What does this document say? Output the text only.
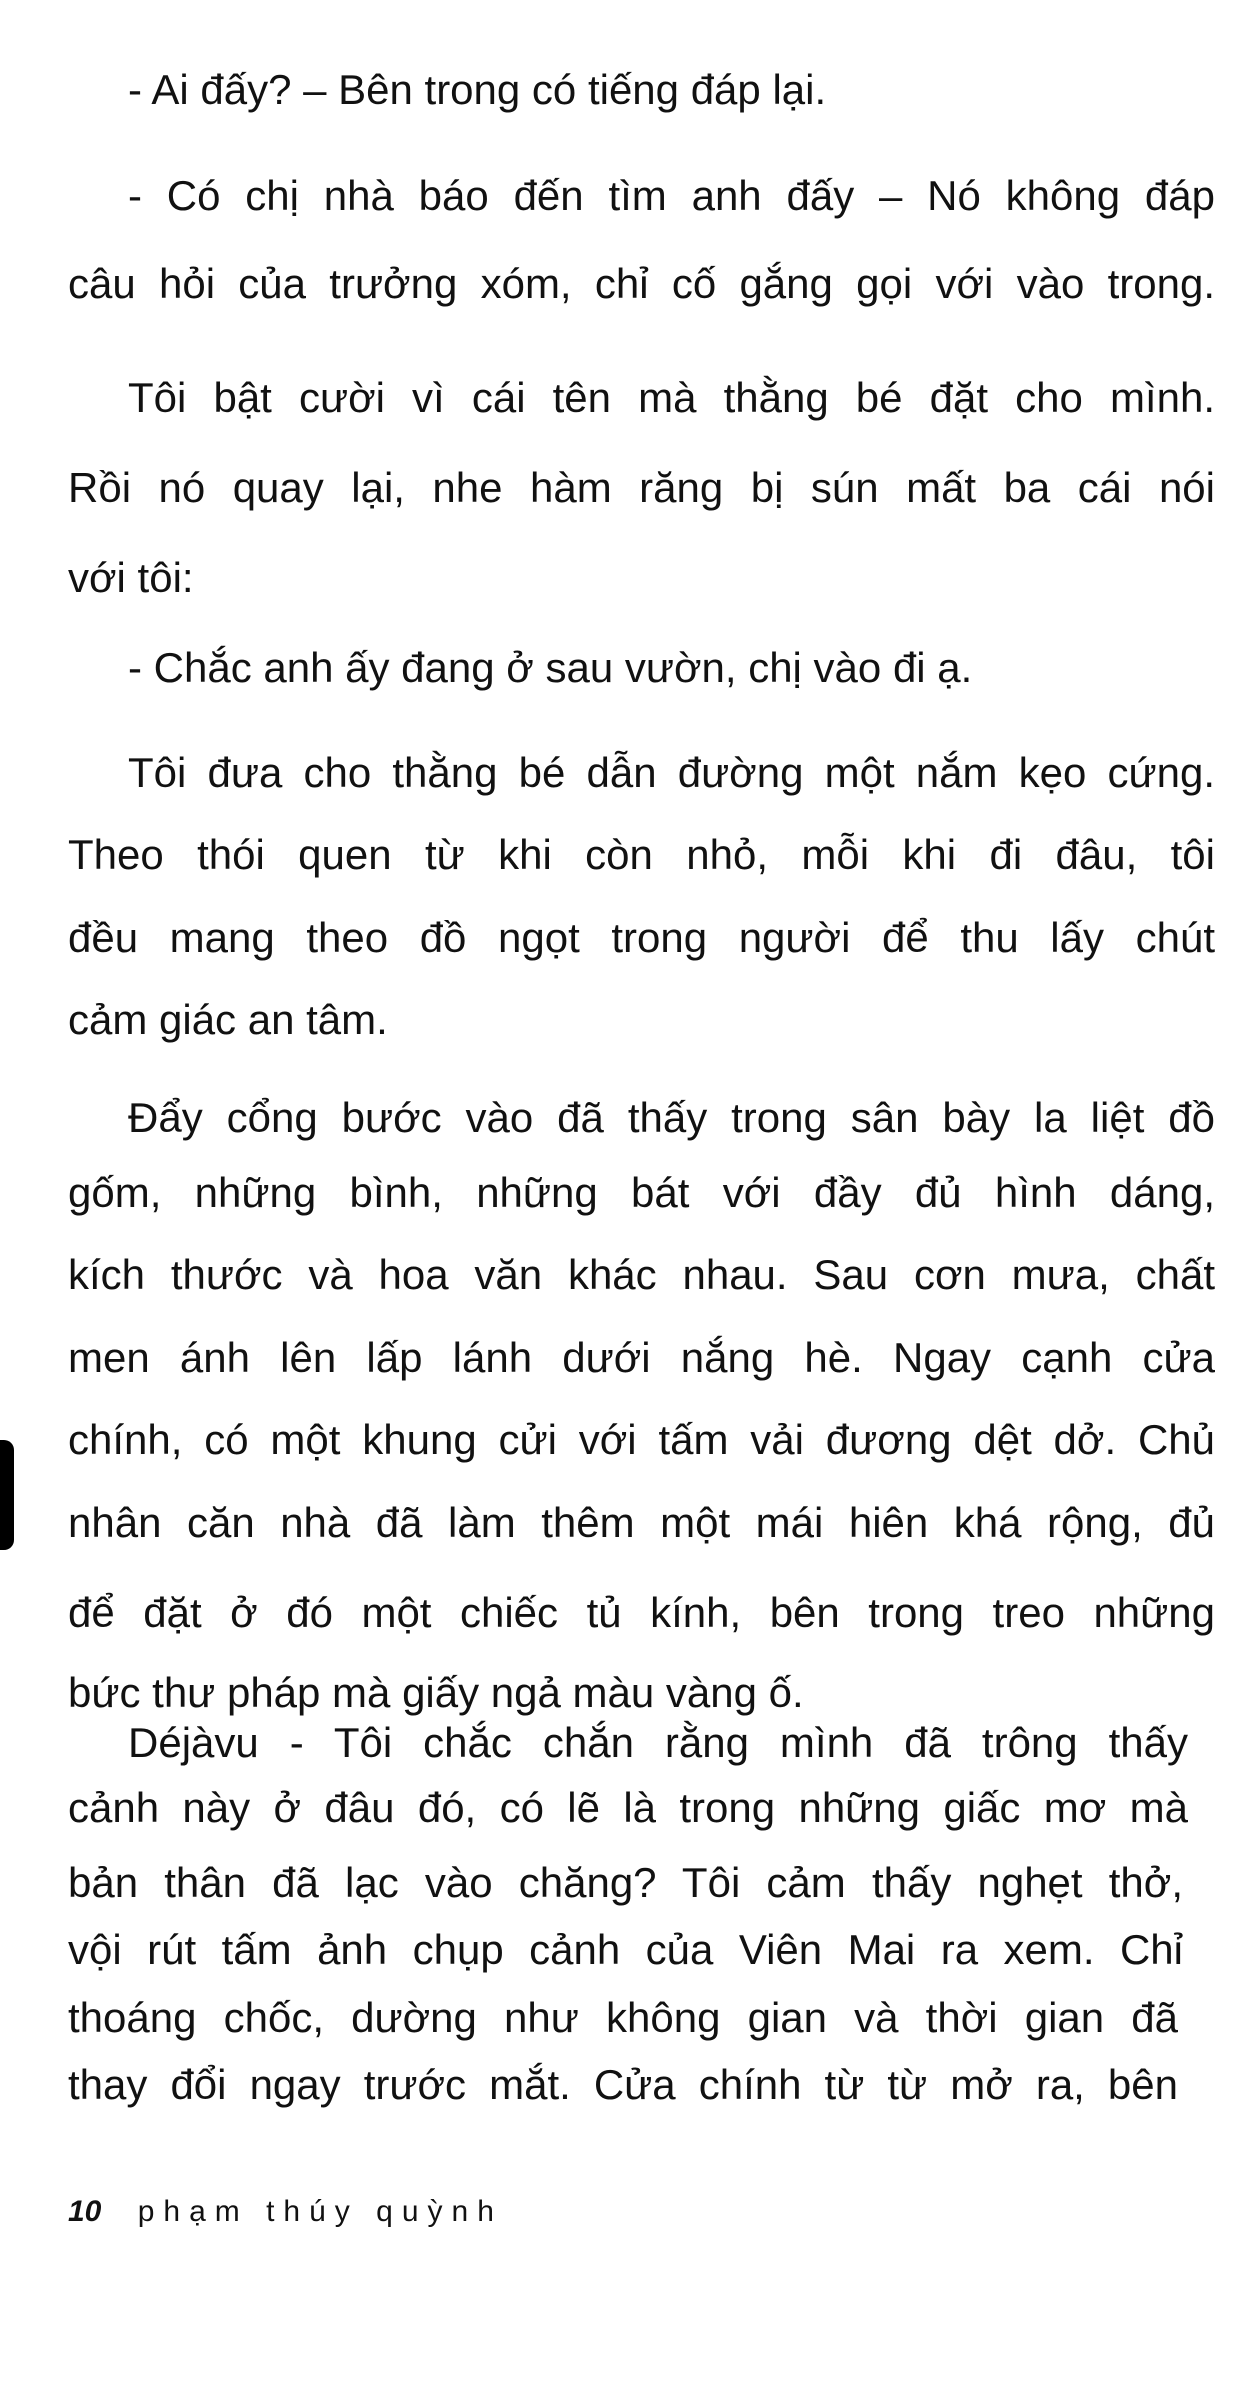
- Ai đấy? – Bên trong có tiếng đáp lại.
- Có chị nhà báo đến tìm anh đấy – Nó không đáp
câu hỏi của trưởng xóm, chỉ cố gắng gọi với vào trong.
Tôi bật cười vì cái tên mà thằng bé đặt cho mình.
Rồi nó quay lại, nhe hàm răng bị sún mất ba cái nói
với tôi:
- Chắc anh ấy đang ở sau vườn, chị vào đi ạ.
Tôi đưa cho thằng bé dẫn đường một nắm kẹo cứng.
Theo thói quen từ khi còn nhỏ, mỗi khi đi đâu, tôi
đều mang theo đồ ngọt trong người để thu lấy chút
cảm giác an tâm.
Đẩy cổng bước vào đã thấy trong sân bày la liệt đồ
gốm, những bình, những bát với đầy đủ hình dáng,
kích thước và hoa văn khác nhau. Sau cơn mưa, chất
men ánh lên lấp lánh dưới nắng hè. Ngay cạnh cửa
chính, có một khung cửi với tấm vải đương dệt dở. Chủ
nhân căn nhà đã làm thêm một mái hiên khá rộng, đủ
để đặt ở đó một chiếc tủ kính, bên trong treo những
bức thư pháp mà giấy ngả màu vàng ố.
Déjàvu - Tôi chắc chắn rằng mình đã trông thấy
cảnh này ở đâu đó, có lẽ là trong những giấc mơ mà
bản thân đã lạc vào chăng? Tôi cảm thấy nghẹt thở,
vội rút tấm ảnh chụp cảnh của Viên Mai ra xem. Chỉ
thoáng chốc, dường như không gian và thời gian đã
thay đổi ngay trước mắt. Cửa chính từ từ mở ra, bên
10 phạm thúy quỳnh
